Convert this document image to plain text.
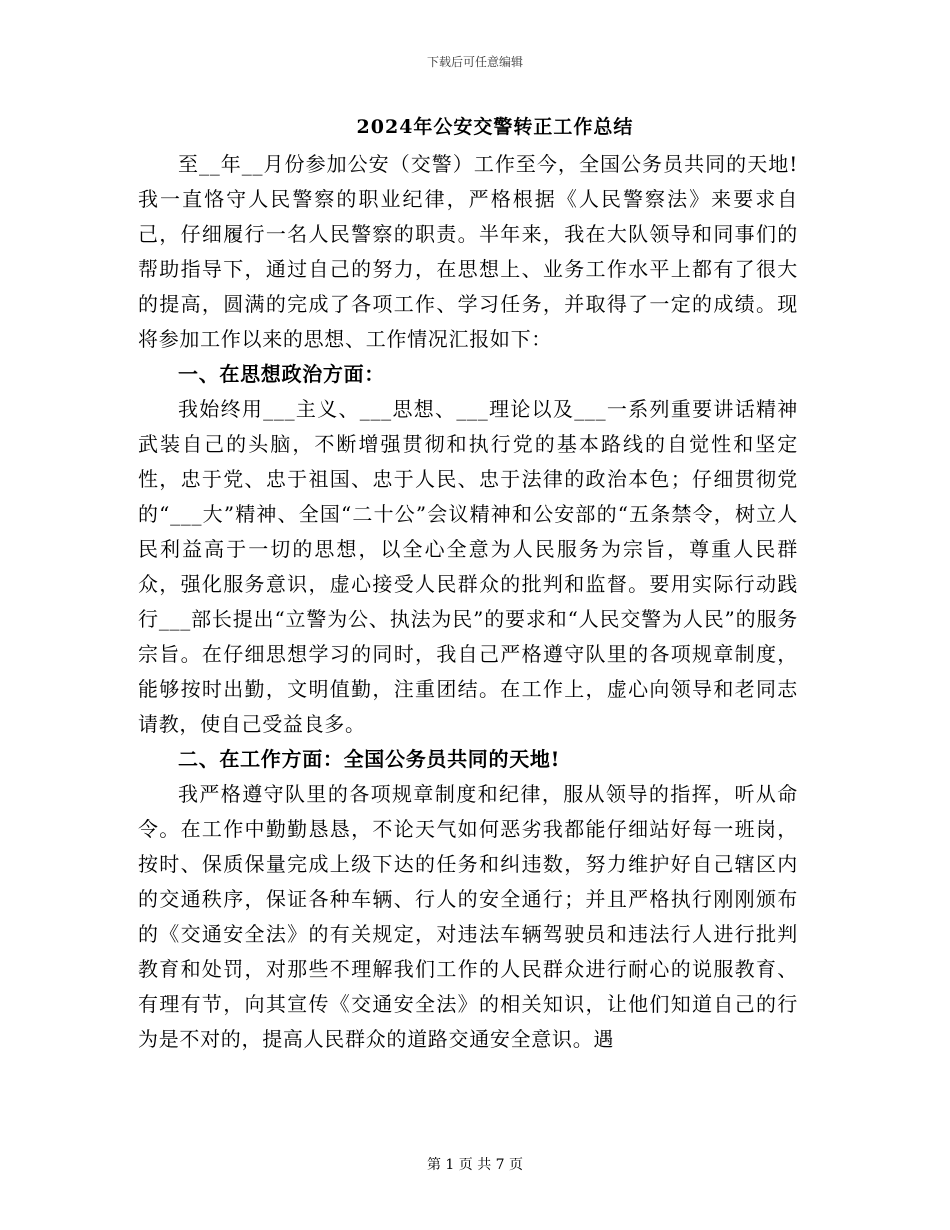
下载后可任意编辑
2024年公安交警转正工作总结

至__年__月份参加公安（交警）工作至今，全国公务员共同的天地!我一直恪守人民警察的职业纪律，严格根据《人民警察法》来要求自己，仔细履行一名人民警察的职责。半年来，我在大队领导和同事们的帮助指导下，通过自己的努力，在思想上、业务工作水平上都有了很大的提高，圆满的完成了各项工作、学习任务，并取得了一定的成绩。现将参加工作以来的思想、工作情况汇报如下：

一、在思想政治方面：

我始终用___主义、___思想、___理论以及___一系列重要讲话精神武装自己的头脑，不断增强贯彻和执行党的基本路线的自觉性和坚定性，忠于党、忠于祖国、忠于人民、忠于法律的政治本色；仔细贯彻党的“___大”精神、全国“二十公”会议精神和公安部的“五条禁令，树立人民利益高于一切的思想，以全心全意为人民服务为宗旨，尊重人民群众，强化服务意识，虚心接受人民群众的批判和监督。要用实际行动践行___部长提出“立警为公、执法为民”的要求和“人民交警为人民”的服务宗旨。在仔细思想学习的同时，我自己严格遵守队里的各项规章制度，能够按时出勤，文明值勤，注重团结。在工作上，虚心向领导和老同志请教，使自己受益良多。

二、在工作方面：全国公务员共同的天地!

我严格遵守队里的各项规章制度和纪律，服从领导的指挥，听从命令。在工作中勤勤恳恳，不论天气如何恶劣我都能仔细站好每一班岗，按时、保质保量完成上级下达的任务和纠违数，努力维护好自己辖区内的交通秩序，保证各种车辆、行人的安全通行；并且严格执行刚刚颁布的《交通安全法》的有关规定，对违法车辆驾驶员和违法行人进行批判教育和处罚，对那些不理解我们工作的人民群众进行耐心的说服教育、有理有节，向其宣传《交通安全法》的相关知识，让他们知道自己的行为是不对的，提高人民群众的道路交通安全意识。遇

第 1 页 共 7 页
